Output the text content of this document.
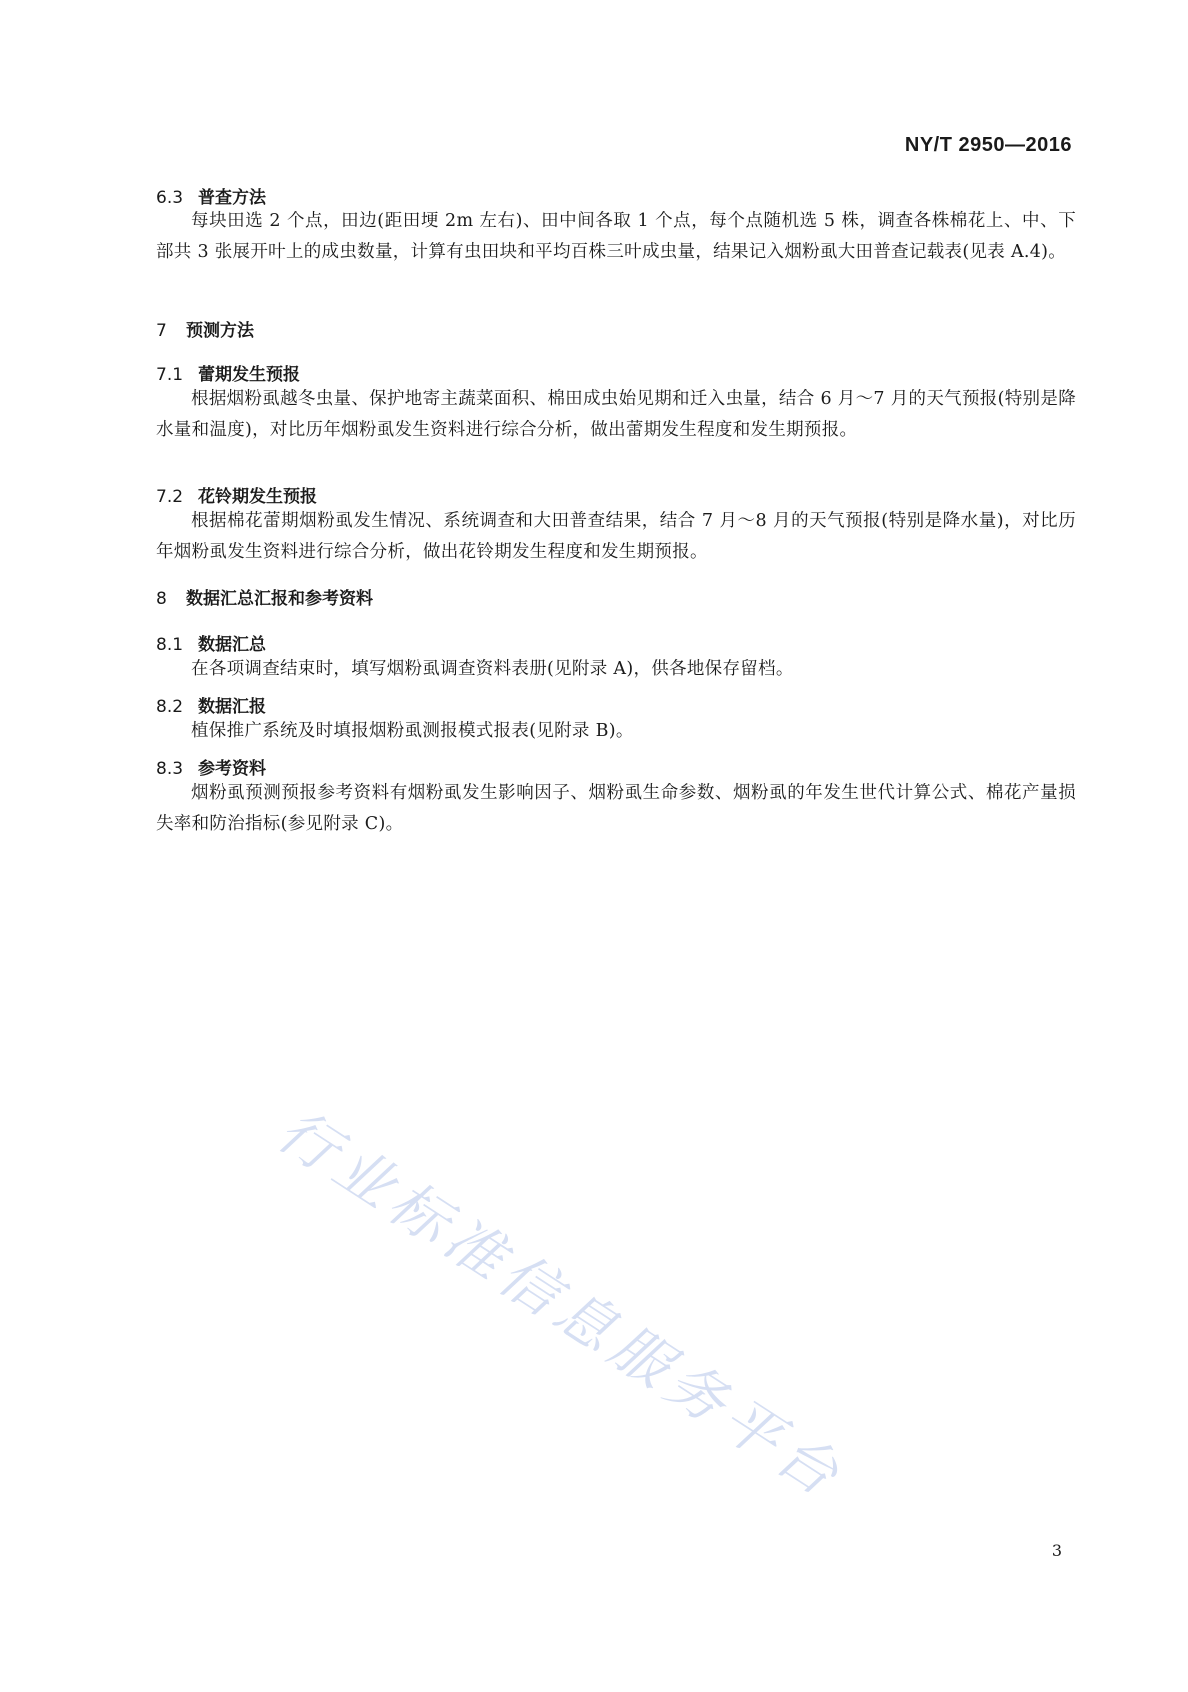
NY/T 2950—2016
6.3 普查方法
每块田选 2 个点，田边(距田埂 2m 左右)、田中间各取 1 个点，每个点随机选 5 株，调查各株棉花上、中、下部共 3 张展开叶上的成虫数量，计算有虫田块和平均百株三叶成虫量，结果记入烟粉虱大田普查记载表(见表 A.4)。
7 预测方法
7.1 蕾期发生预报
根据烟粉虱越冬虫量、保护地寄主蔬菜面积、棉田成虫始见期和迁入虫量，结合 6 月～7 月的天气预报(特别是降水量和温度)，对比历年烟粉虱发生资料进行综合分析，做出蕾期发生程度和发生期预报。
7.2 花铃期发生预报
根据棉花蕾期烟粉虱发生情况、系统调查和大田普查结果，结合 7 月～8 月的天气预报(特别是降水量)，对比历年烟粉虱发生资料进行综合分析，做出花铃期发生程度和发生期预报。
8 数据汇总汇报和参考资料
8.1 数据汇总
在各项调查结束时，填写烟粉虱调查资料表册(见附录 A)，供各地保存留档。
8.2 数据汇报
植保推广系统及时填报烟粉虱测报模式报表(见附录 B)。
8.3 参考资料
烟粉虱预测预报参考资料有烟粉虱发生影响因子、烟粉虱生命参数、烟粉虱的年发生世代计算公式、棉花产量损失率和防治指标(参见附录 C)。
行业标准信息服务平台
3
